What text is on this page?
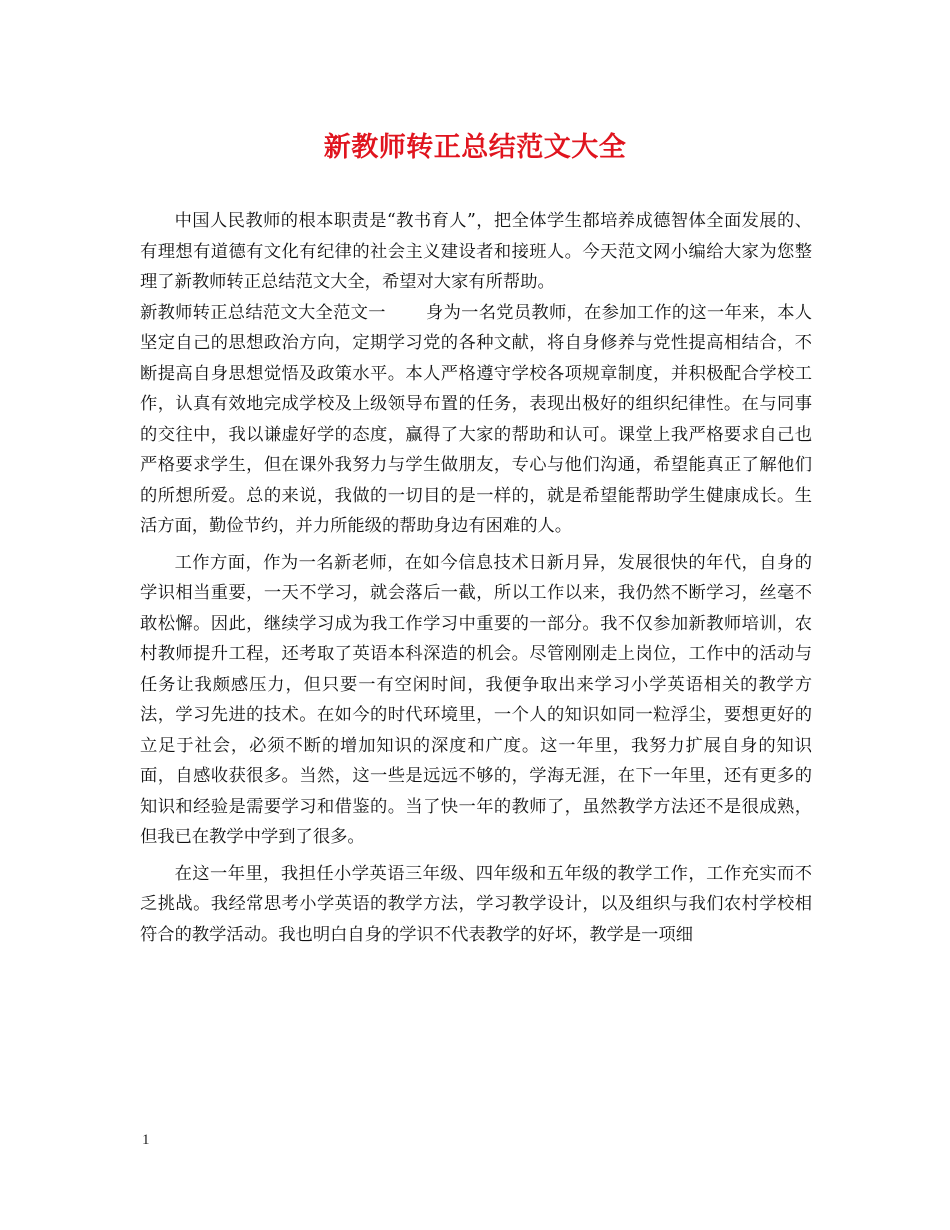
新教师转正总结范文大全

中国人民教师的根本职责是“教书育人”，把全体学生都培养成德智体全面发展的、有理想有道德有文化有纪律的社会主义建设者和接班人。今天范文网小编给大家为您整理了新教师转正总结范文大全，希望对大家有所帮助。

新教师转正总结范文大全范文一 身为一名党员教师，在参加工作的这一年来，本人坚定自己的思想政治方向，定期学习党的各种文献，将自身修养与党性提高相结合，不断提高自身思想觉悟及政策水平。本人严格遵守学校各项规章制度，并积极配合学校工作，认真有效地完成学校及上级领导布置的任务，表现出极好的组织纪律性。在与同事的交往中，我以谦虚好学的态度，赢得了大家的帮助和认可。课堂上我严格要求自己也严格要求学生，但在课外我努力与学生做朋友，专心与他们沟通，希望能真正了解他们的所想所爱。总的来说，我做的一切目的是一样的，就是希望能帮助学生健康成长。生活方面，勤俭节约，并力所能级的帮助身边有困难的人。

工作方面，作为一名新老师，在如今信息技术日新月异，发展很快的年代，自身的学识相当重要，一天不学习，就会落后一截，所以工作以来，我仍然不断学习，丝毫不敢松懈。因此，继续学习成为我工作学习中重要的一部分。我不仅参加新教师培训，农村教师提升工程，还考取了英语本科深造的机会。尽管刚刚走上岗位，工作中的活动与任务让我颇感压力，但只要一有空闲时间，我便争取出来学习小学英语相关的教学方法，学习先进的技术。在如今的时代环境里，一个人的知识如同一粒浮尘，要想更好的立足于社会，必须不断的增加知识的深度和广度。这一年里，我努力扩展自身的知识面，自感收获很多。当然，这一些是远远不够的，学海无涯，在下一年里，还有更多的知识和经验是需要学习和借鉴的。当了快一年的教师了，虽然教学方法还不是很成熟，但我已在教学中学到了很多。

在这一年里，我担任小学英语三年级、四年级和五年级的教学工作，工作充实而不乏挑战。我经常思考小学英语的教学方法，学习教学设计，以及组织与我们农村学校相符合的教学活动。我也明白自身的学识不代表教学的好坏，教学是一项细

1
